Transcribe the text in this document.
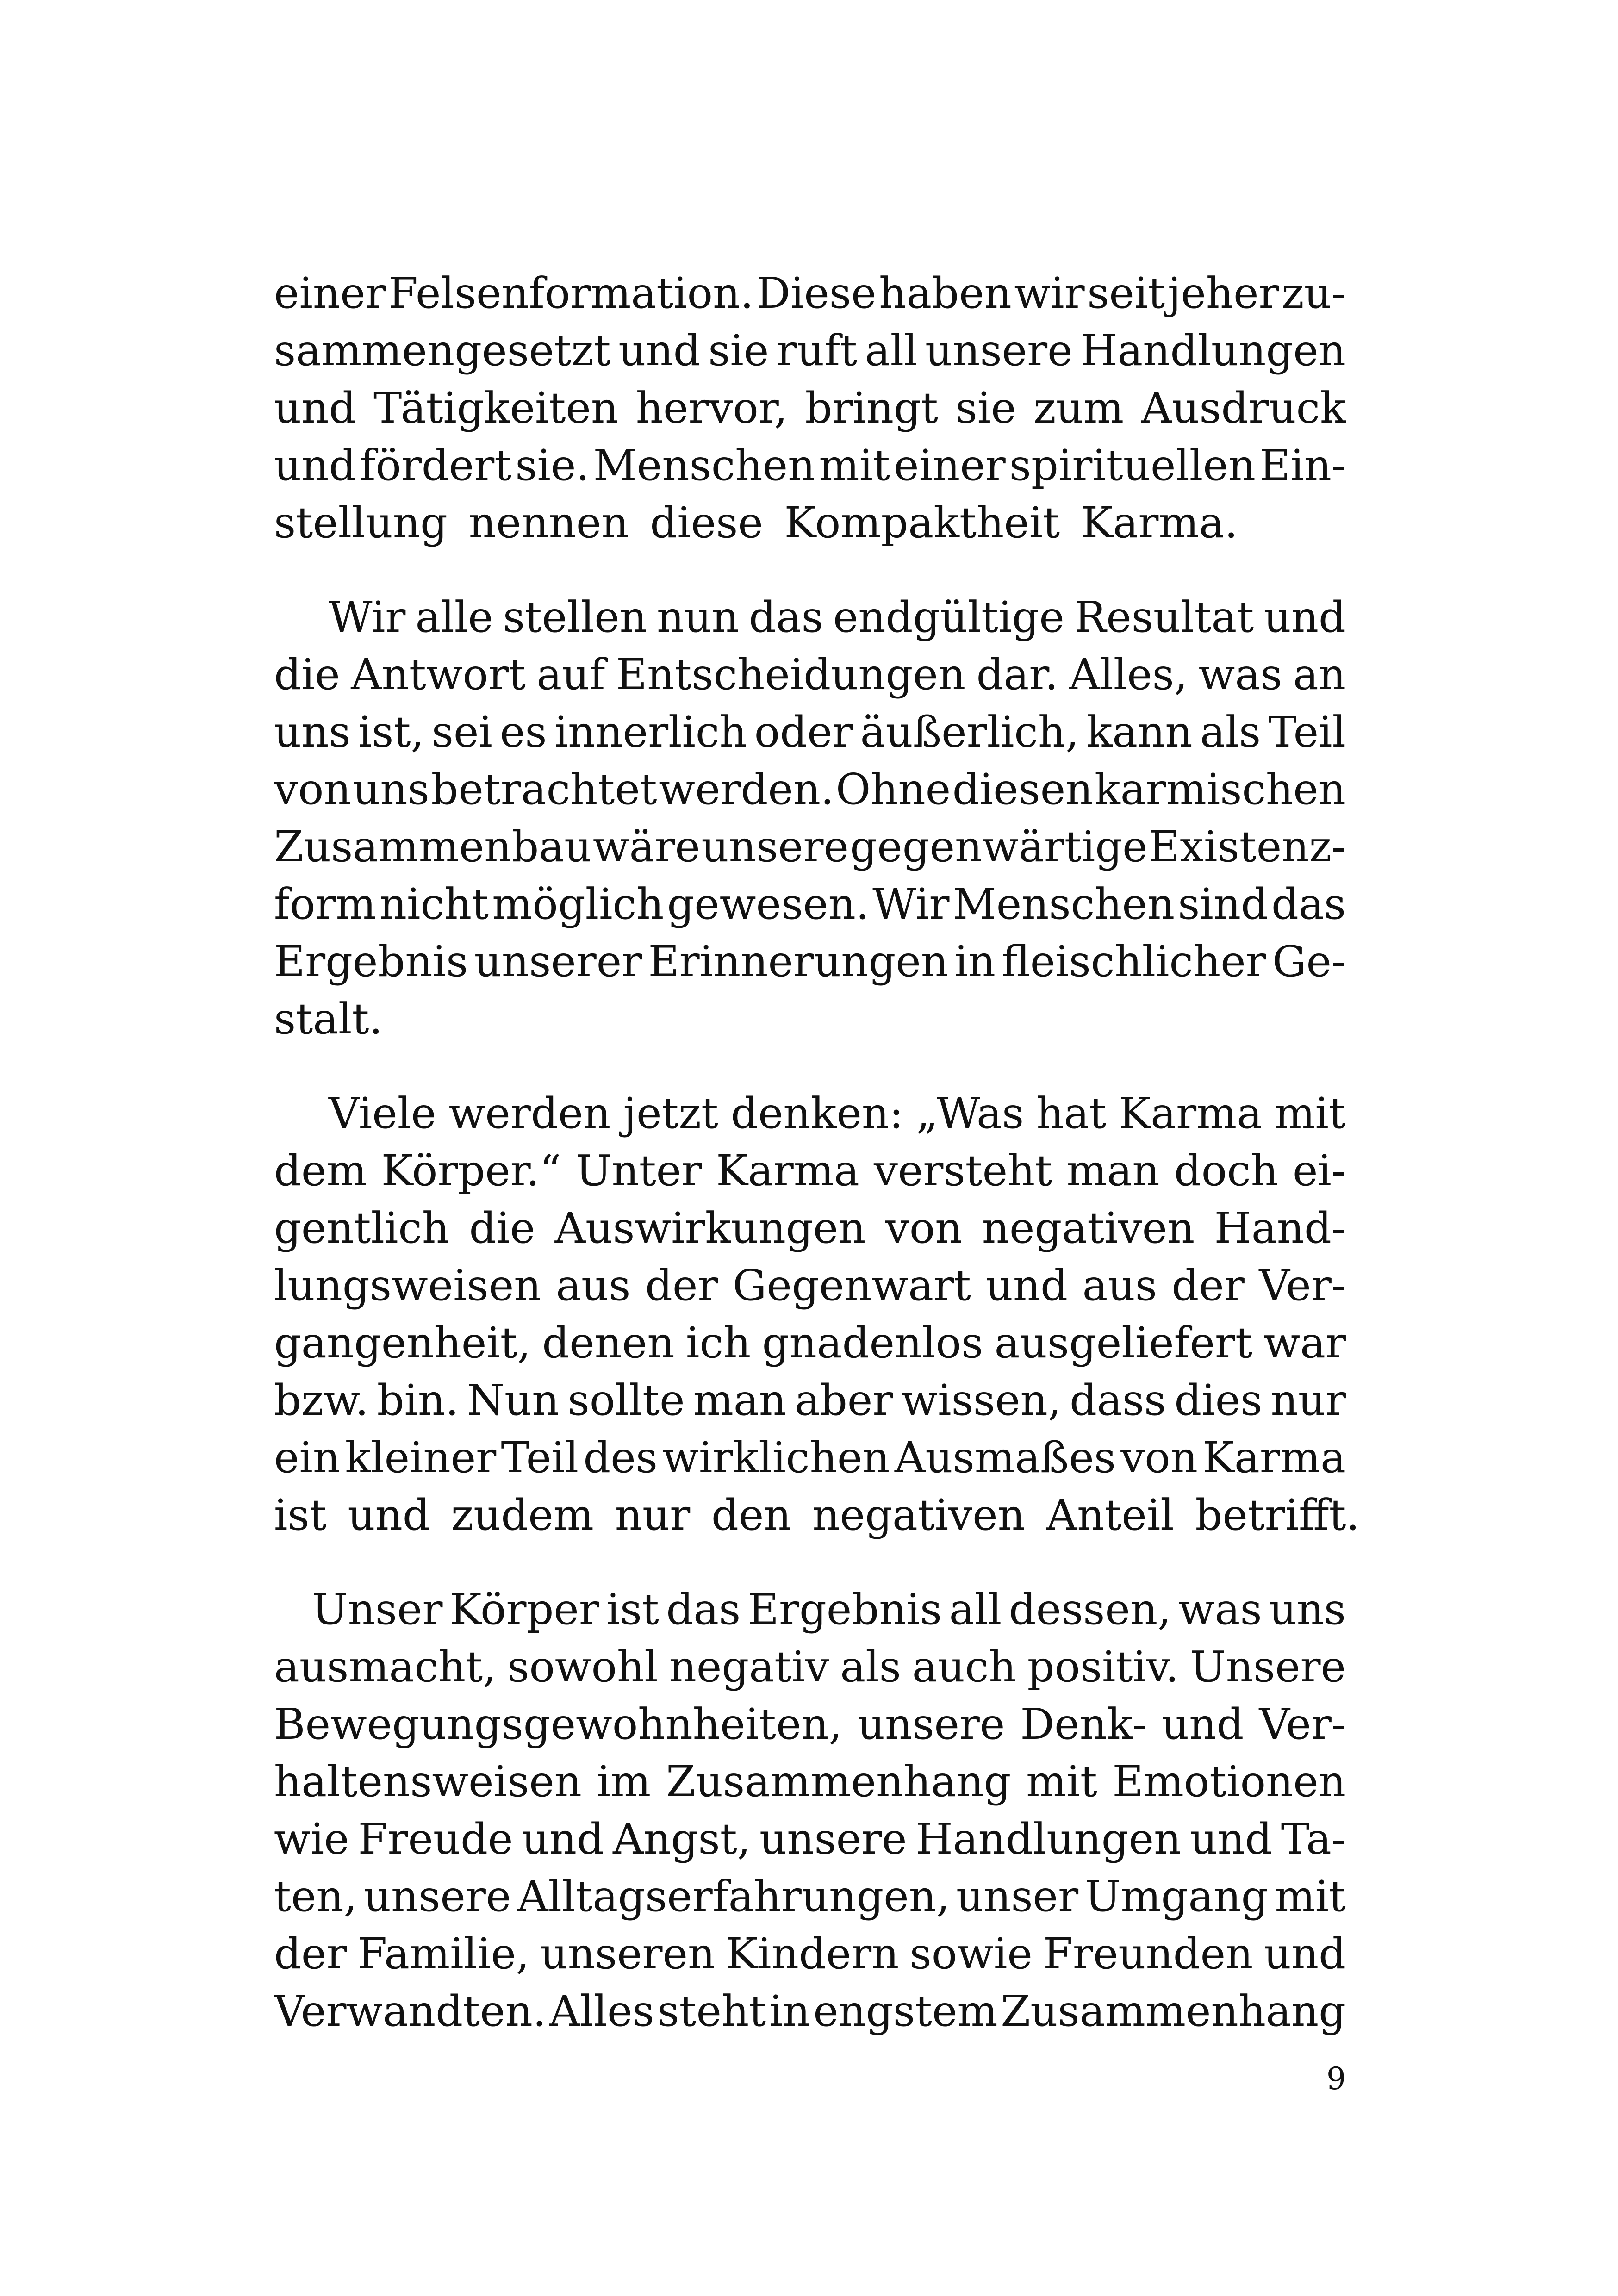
einer Felsenformation. Diese haben wir seit jeher zu-
sammengesetzt und sie ruft all unsere Handlungen
und Tätigkeiten hervor, bringt sie zum Ausdruck
und fördert sie. Menschen mit einer spirituellen Ein-
stellung nennen diese Kompaktheit Karma.
Wir alle stellen nun das endgültige Resultat und
die Antwort auf Entscheidungen dar. Alles, was an
uns ist, sei es innerlich oder äußerlich, kann als Teil
von uns betrachtet werden. Ohne diesen karmischen
Zusammenbau wäre unsere gegenwärtige Existenz-
form nicht möglich gewesen. Wir Menschen sind das
Ergebnis unserer Erinnerungen in fleischlicher Ge-
stalt.
Viele werden jetzt denken: „Was hat Karma mit
dem Körper.“ Unter Karma versteht man doch ei-
gentlich die Auswirkungen von negativen Hand-
lungsweisen aus der Gegenwart und aus der Ver-
gangenheit, denen ich gnadenlos ausgeliefert war
bzw. bin. Nun sollte man aber wissen, dass dies nur
ein kleiner Teil des wirklichen Ausmaßes von Karma
ist und zudem nur den negativen Anteil betrifft.
Unser Körper ist das Ergebnis all dessen, was uns
ausmacht, sowohl negativ als auch positiv. Unsere
Bewegungsgewohnheiten, unsere Denk- und Ver-
haltensweisen im Zusammenhang mit Emotionen
wie Freude und Angst, unsere Handlungen und Ta-
ten, unsere Alltagserfahrungen, unser Umgang mit
der Familie, unseren Kindern sowie Freunden und
Verwandten. Alles steht in engstem Zusammenhang
9
